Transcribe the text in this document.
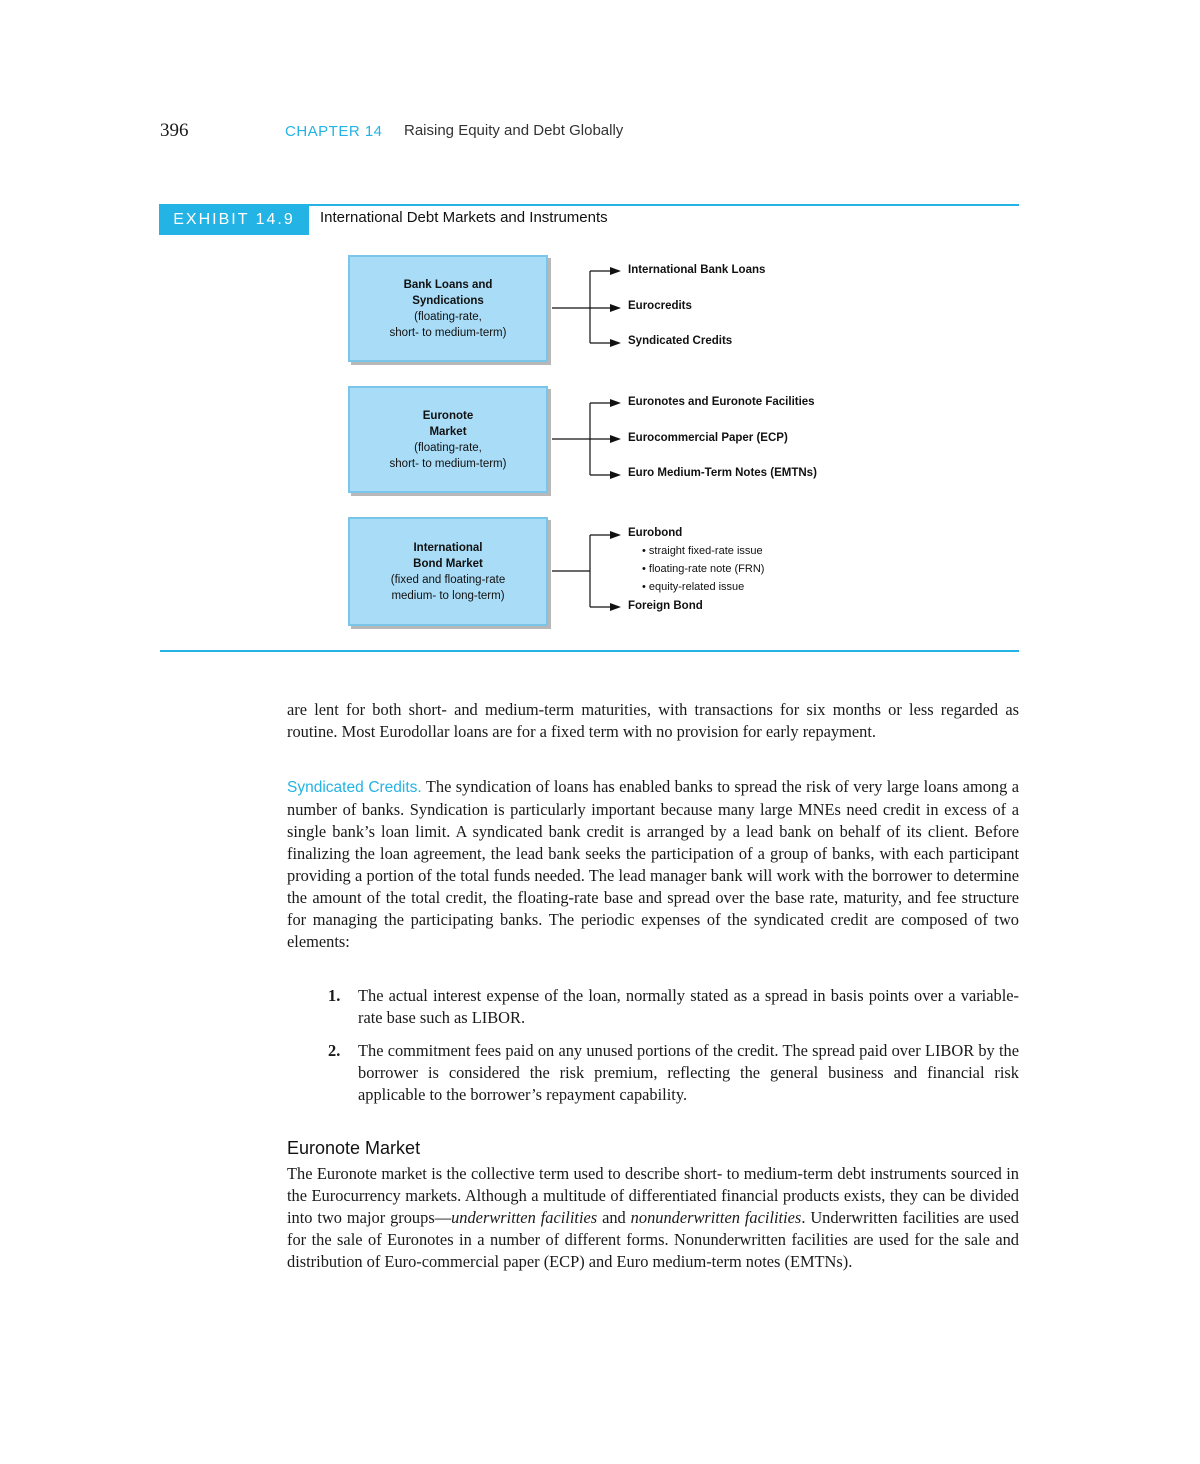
396	CHAPTER 14 Raising Equity and Debt Globally
EXHIBIT 14.9	International Debt Markets and Instruments
Bank Loans and
Syndications
(floating-rate,
short- to medium-term)
Euronote
Market
(floating-rate,
short- to medium-term)
International
Bond Market
(fixed and floating-rate
medium- to long-term)
International Bank Loans
Eurocredits
Syndicated Credits
Euronotes and Euronote Facilities
Eurocommercial Paper (ECP)
Euro Medium-Term Notes (EMTNs)
Eurobond
• straight fixed-rate issue
• floating-rate note (FRN)
• equity-related issue
Foreign Bond

are lent for both short- and medium-term maturities, with transactions for six months or less regarded as routine. Most Eurodollar loans are for a fixed term with no provision for early repayment.

Syndicated Credits. The syndication of loans has enabled banks to spread the risk of very large loans among a number of banks. Syndication is particularly important because many large MNEs need credit in excess of a single bank’s loan limit. A syndicated bank credit is arranged by a lead bank on behalf of its client. Before finalizing the loan agreement, the lead bank seeks the participation of a group of banks, with each participant providing a portion of the total funds needed. The lead manager bank will work with the borrower to determine the amount of the total credit, the floating-rate base and spread over the base rate, maturity, and fee structure for managing the participating banks. The periodic expenses of the syndicated credit are composed of two elements:

1. The actual interest expense of the loan, normally stated as a spread in basis points over a variable-rate base such as LIBOR.
2. The commitment fees paid on any unused portions of the credit. The spread paid over LIBOR by the borrower is considered the risk premium, reflecting the general business and financial risk applicable to the borrower’s repayment capability.
Euronote Market

The Euronote market is the collective term used to describe short- to medium-term debt instruments sourced in the Eurocurrency markets. Although a multitude of differentiated financial products exists, they can be divided into two major groups—underwritten facilities and nonunderwritten facilities. Underwritten facilities are used for the sale of Euronotes in a number of different forms. Nonunderwritten facilities are used for the sale and distribution of Euro-commercial paper (ECP) and Euro medium-term notes (EMTNs).
